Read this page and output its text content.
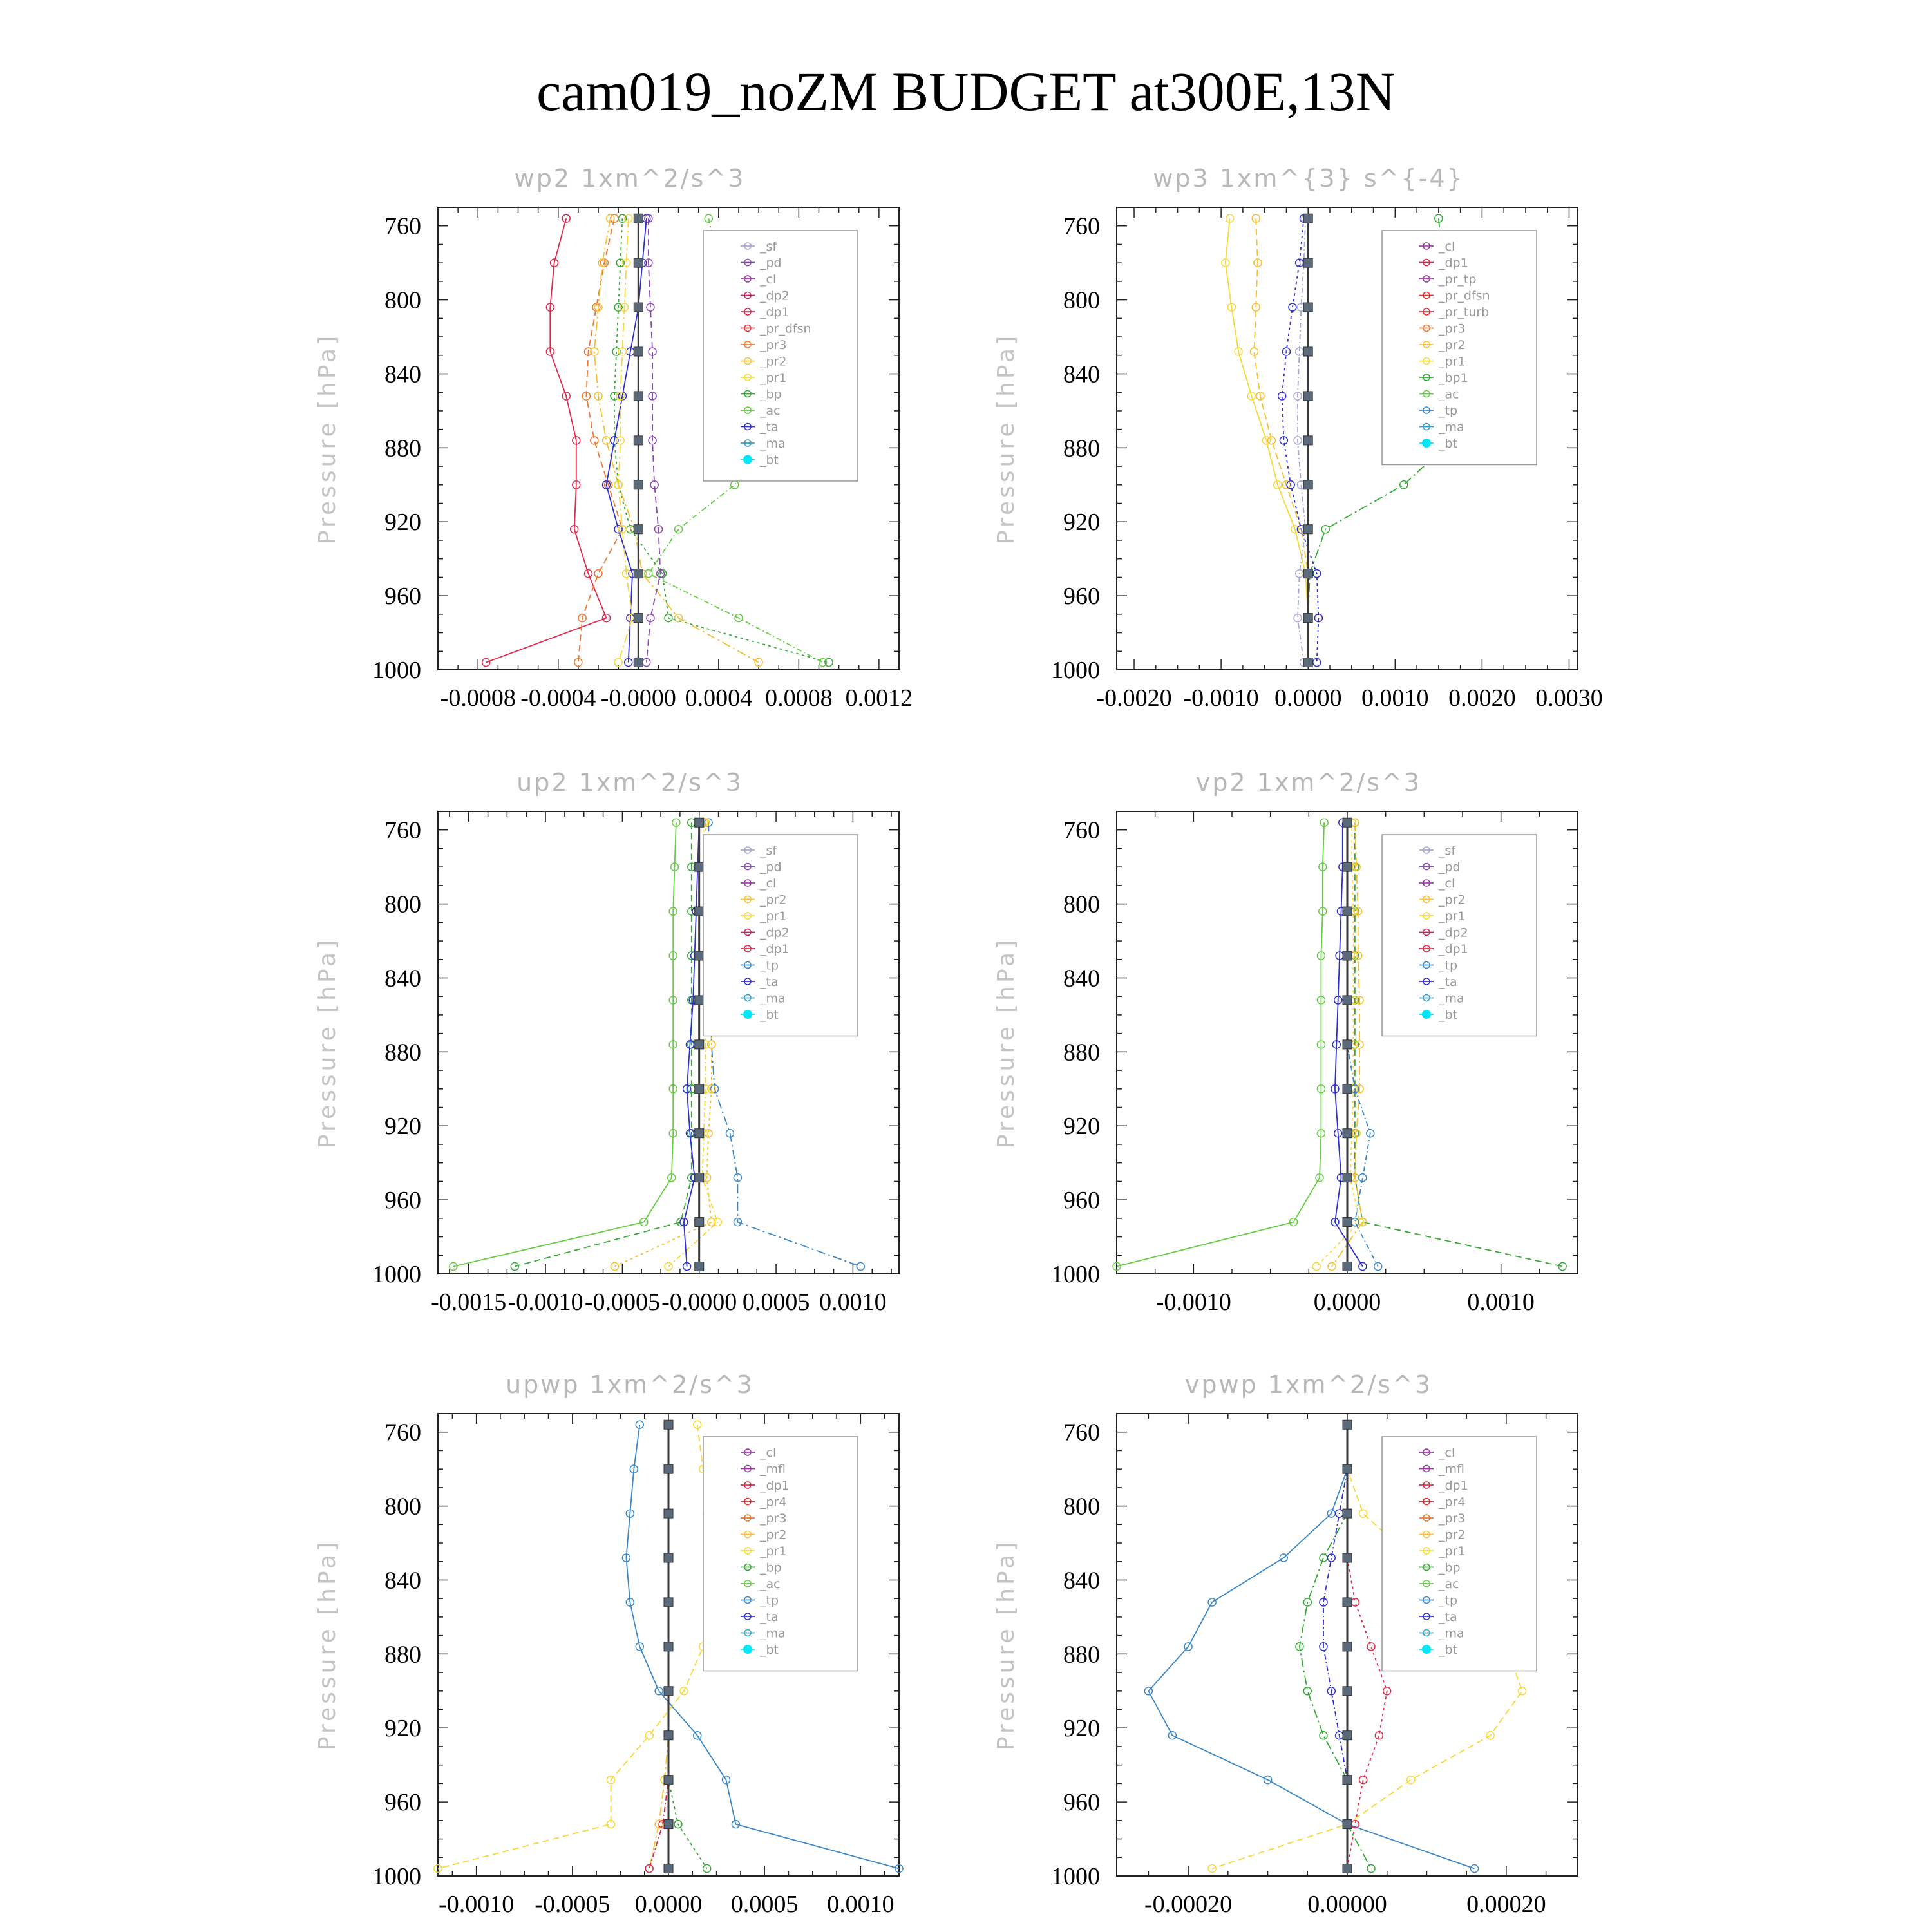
cam019_noZM BUDGET at300E,13N
wp2 1xm^2/s^3
Pressure [hPa]
760
800
840
880
920
960
1000
-0.0008 -0.0004 -0.0000 0.0004 0.0008 0.0012
_sf
_pd
_cl
_dp2
_dp1
_pr_dfsn
_pr3
_pr2
_pr1
_bp
_ac
_ta
_ma
_bt
wp3 1xm^{3} s^{-4}
Pressure [hPa]
760
800
840
880
920
960
1000
-0.0020 -0.0010 0.0000 0.0010 0.0020 0.0030
_cl
_dp1
_pr_tp
_pr_dfsn
_pr_turb
_pr3
_pr2
_pr1
_bp1
_ac
_tp
_ma
_bt
up2 1xm^2/s^3
Pressure [hPa]
760
800
840
880
920
960
1000
-0.0015 -0.0010 -0.0005 -0.0000 0.0005 0.0010
_sf
_pd
_cl
_pr2
_pr1
_dp2
_dp1
_tp
_ta
_ma
_bt
vp2 1xm^2/s^3
Pressure [hPa]
760
800
840
880
920
960
1000
-0.0010	0.0000	0.0010
_sf
_pd
_cl
_pr2
_pr1
_dp2
_dp1
_tp
_ta
_ma
_bt
upwp 1xm^2/s^3
Pressure [hPa]
760
800
840
880
920
960
1000
-0.0010 -0.0005 0.0000 0.0005 0.0010
_cl
_mfl
_dp1
_pr4
_pr3
_pr2
_pr1
_bp
_ac
_tp
_ta
_ma
_bt
vpwp 1xm^2/s^3
Pressure [hPa]
760
800
840
880
920
960
1000
-0.00020	0.00000	0.00020
_cl
_mfl
_dp1
_pr4
_pr3
_pr2
_pr1
_bp
_ac
_tp
_ta
_ma
_bt
